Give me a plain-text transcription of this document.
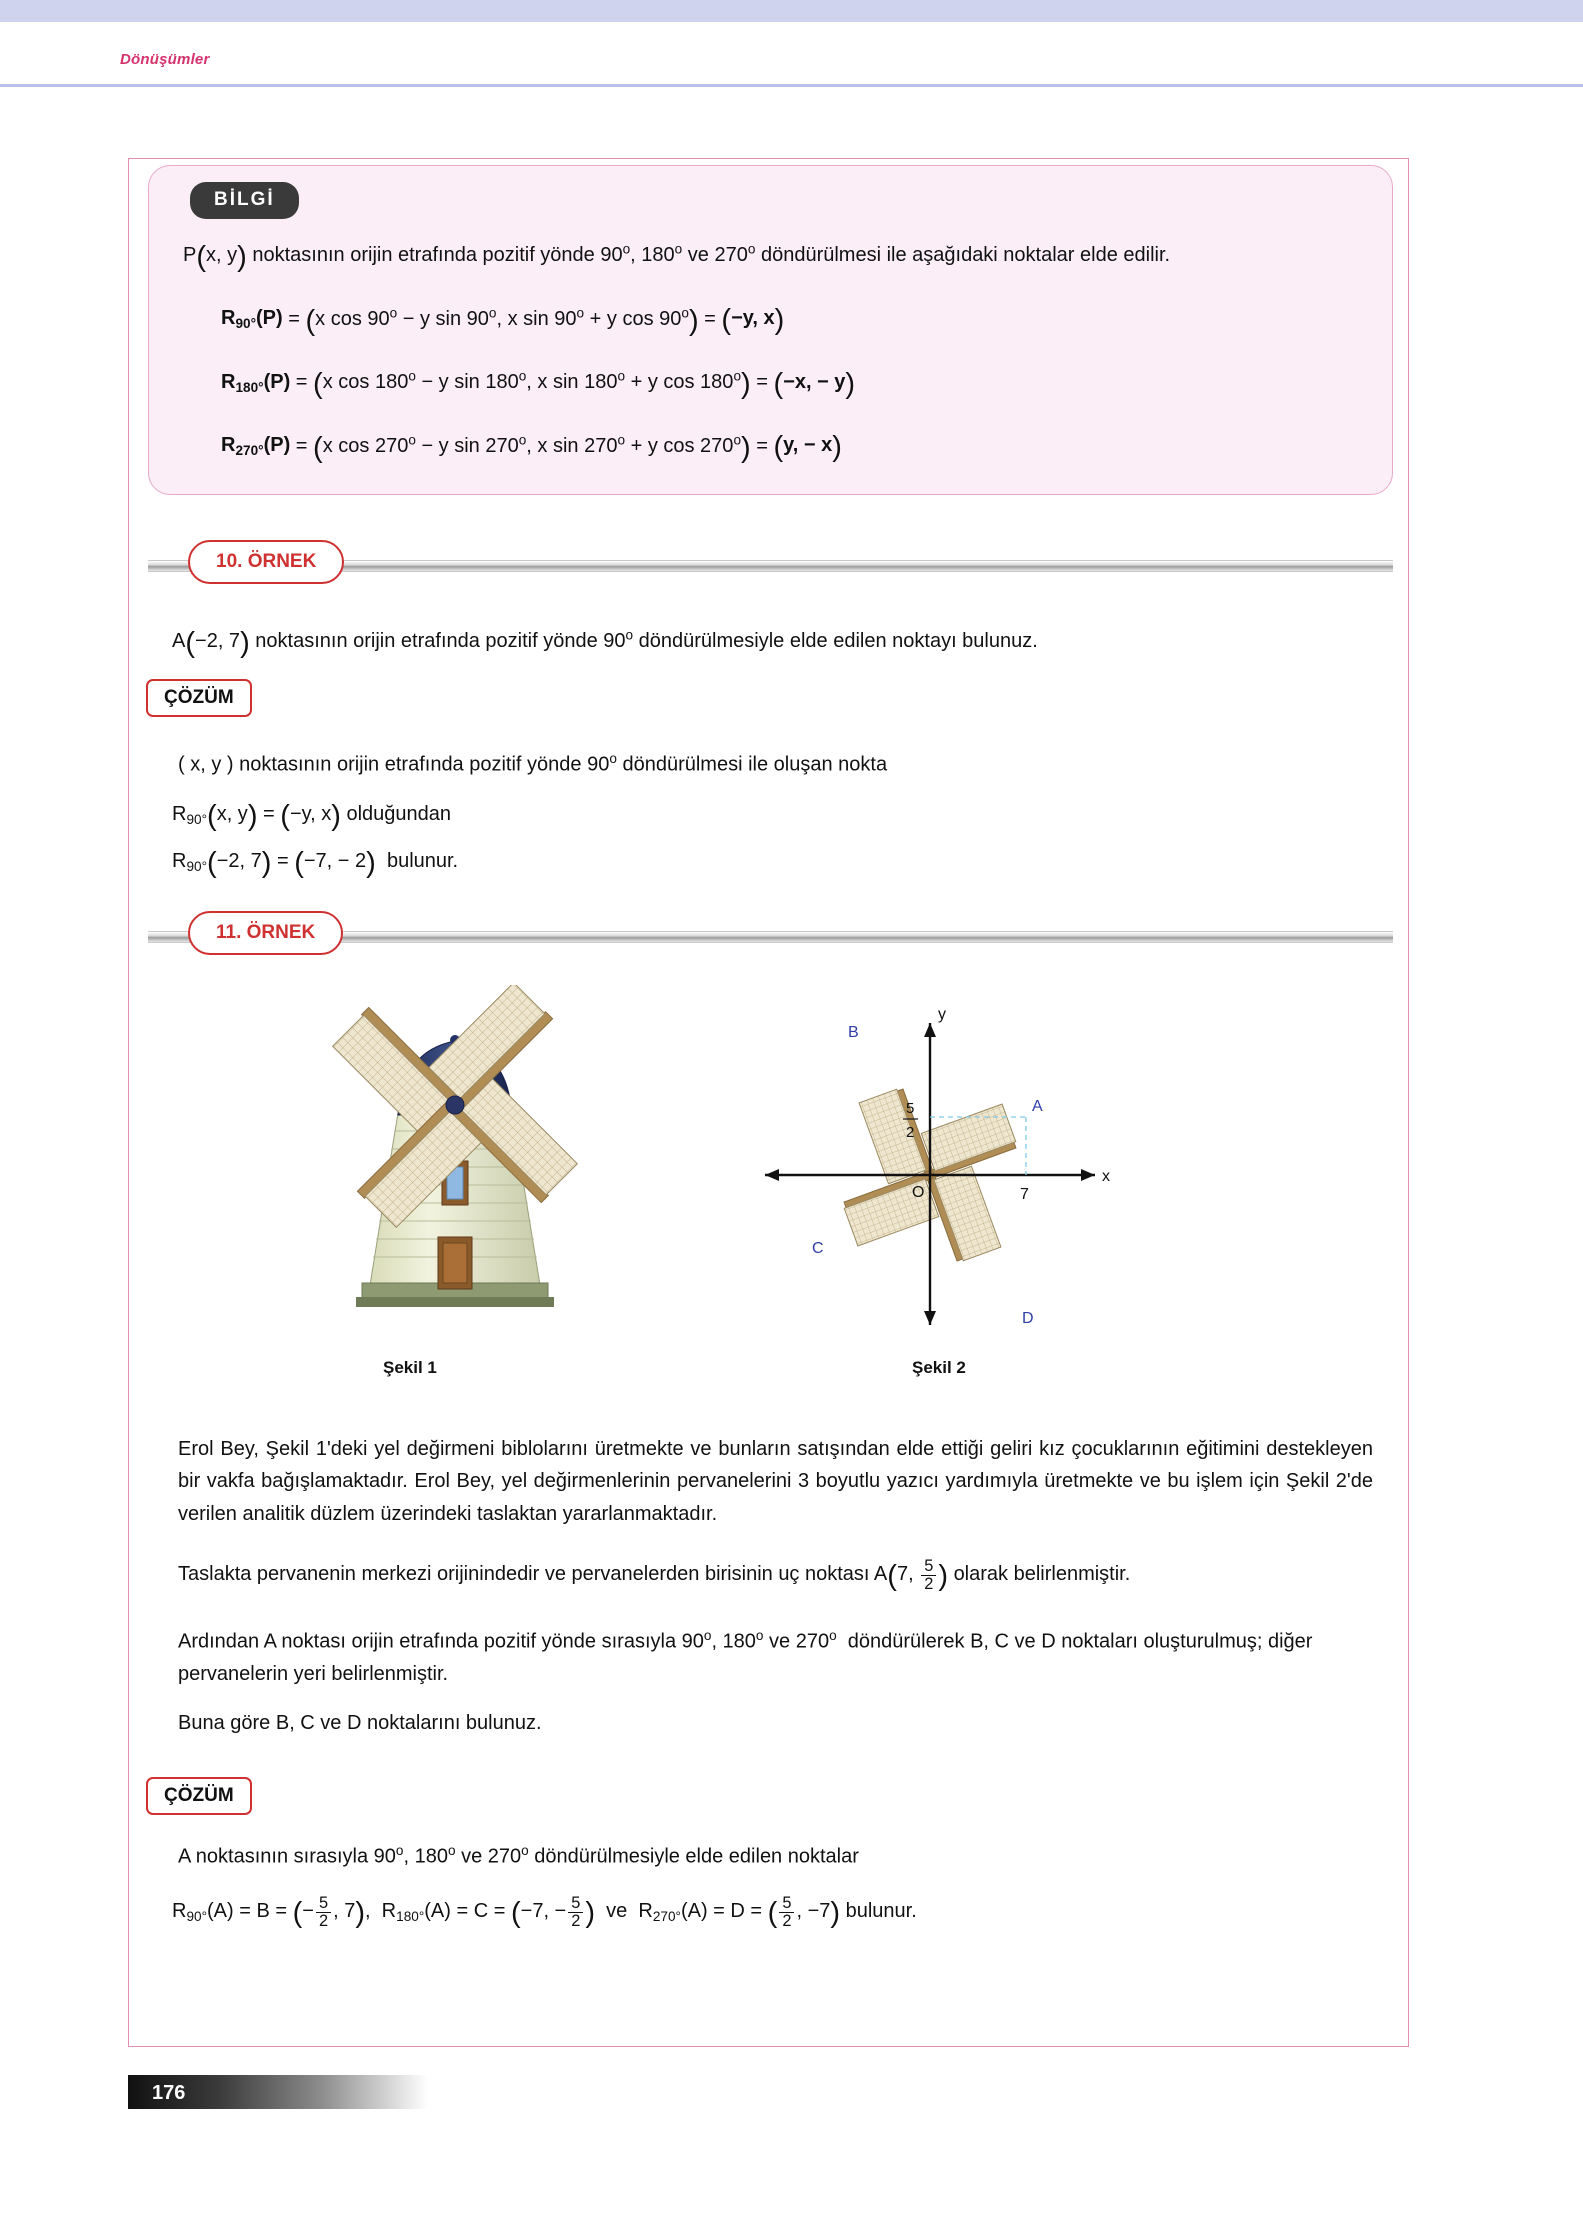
Dönüşümler
BİLGİ
P(x, y) noktasının orijin etrafında pozitif yönde 90$^o$, 180$^o$ ve 270$^o$ döndürülmesi ile aşağıdaki noktalar elde edilir.
$R_{90^\circ}(P) = (x$ $\cos 90^o - y$ sin 90$^o$, x $\sin 90^o + y$ $\cos 90^o) = (-y$, x)
$R_{180^\circ}(P) = (x$ $\cos 180^o - y$ sin 180$^o$, x $\sin 180^o + y$ $\cos 180^o) = (-x$, − y)
$R_{270^\circ}(P) = (x$ $\cos 270^o - y$ sin 270$^o$, x $\sin 270^o + y$ $\cos 270^o) = (y$, − x)
10. ÖRNEK
A(−2, 7) noktasının orijin etrafında pozitif yönde 90$^o$ döndürülmesiyle elde edilen noktayı bulunuz.
ÇÖZÜM
( x, y ) noktasının orijin etrafında pozitif yönde 90$^o$ döndürülmesi ile oluşan nokta
$R_{90^\circ}(x$, y) = (−y, x) olduğundan
$R_{90^\circ}(-2$, 7) = (−7, − 2)  bulunur.
11. ÖRNEK
Şekil 1
y
x
O	7
5
2
A
B
C
D
Şekil 2
Erol Bey, Şekil 1'deki yel değirmeni biblolarını üretmekte ve bunların satışından elde ettiği geliri kız çocuklarının eğitimini destekleyen bir vakfa bağışlamaktadır. Erol Bey, yel değirmenlerinin pervanelerini 3 boyutlu yazıcı yardımıyla üretmekte ve bu işlem için Şekil 2'de verilen analitik düzlem üzerindeki taslaktan yararlanmaktadır.
Taslakta pervanenin merkezi orijinindedir ve pervanelerden birisinin uç noktası A(7, $\frac{5}{2}$ ) olarak belirlenmiştir.
Ardından A noktası orijin etrafında pozitif yönde sırasıyla 90$^o$, 180$^o$ ve 270$^o$  döndürülerek B, C ve D noktaları oluşturulmuş; diğer pervanelerin yeri belirlenmiştir.
Buna göre B, C ve D noktalarını bulunuz.
ÇÖZÜM
A noktasının sırasıyla 90$^o$, 180$^o$ ve 270$^o$ döndürülmesiyle elde edilen noktalar
$R_{90^\circ}(A) = B$ = (− $\frac{5}{2}$ , 7),  $R_{180^\circ}(A) = C = (-7$, − $\frac{5}{2}$ )  ve  $R_{270^\circ}(A) = D$ = ( $\frac{5}{2}$ , −7) bulunur.
176
